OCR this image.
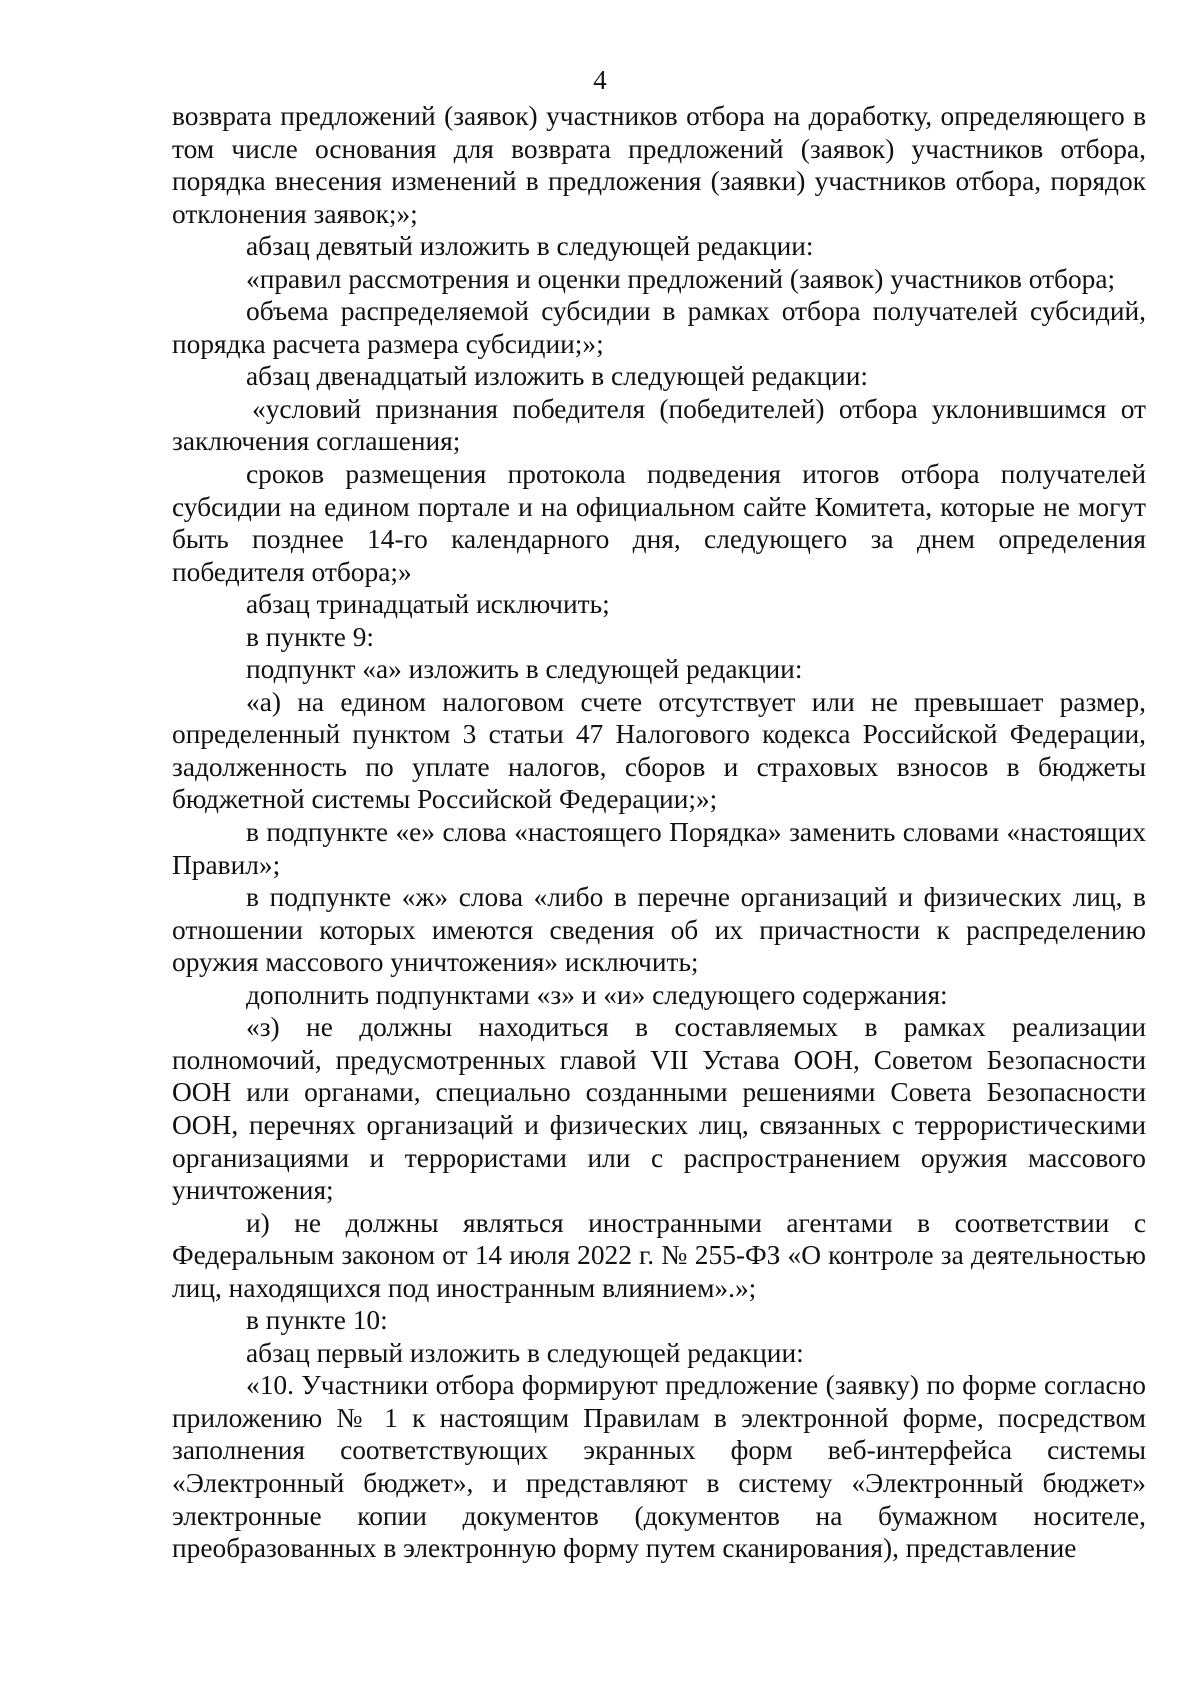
4

возврата предложений (заявок) участников отбора на доработку, определяющего в том числе основания для возврата предложений (заявок) участников отбора, порядка внесения изменений в предложения (заявки) участников отбора, порядок отклонения заявок;»;

абзац девятый изложить в следующей редакции:

«правил рассмотрения и оценки предложений (заявок) участников отбора;

объема распределяемой субсидии в рамках отбора получателей субсидий, порядка расчета размера субсидии;»;

абзац двенадцатый изложить в следующей редакции:

«условий признания победителя (победителей) отбора уклонившимся от заключения соглашения;

сроков размещения протокола подведения итогов отбора получателей субсидии на едином портале и на официальном сайте Комитета, которые не могут быть позднее 14-го календарного дня, следующего за днем определения победителя отбора;»

абзац тринадцатый исключить;

в пункте 9:

подпункт «а» изложить в следующей редакции:

«а) на едином налоговом счете отсутствует или не превышает размер, определенный пунктом 3 статьи 47 Налогового кодекса Российской Федерации, задолженность по уплате налогов, сборов и страховых взносов в бюджеты бюджетной системы Российской Федерации;»;

в подпункте «е» слова «настоящего Порядка» заменить словами «настоящих Правил»;

в подпункте «ж» слова «либо в перечне организаций и физических лиц, в отношении которых имеются сведения об их причастности к распределению оружия массового уничтожения» исключить;

дополнить подпунктами «з» и «и» следующего содержания:

«з) не должны находиться в составляемых в рамках реализации полномочий, предусмотренных главой VII Устава ООН, Советом Безопасности ООН или органами, специально созданными решениями Совета Безопасности ООН, перечнях организаций и физических лиц, связанных с террористическими организациями и террористами или с распространением оружия массового уничтожения;

и) не должны являться иностранными агентами в соответствии с Федеральным законом от 14 июля 2022 г. № 255-ФЗ «О контроле за деятельностью лиц, находящихся под иностранным влиянием».»;

в пункте 10:

абзац первый изложить в следующей редакции:

«10. Участники отбора формируют предложение (заявку) по форме согласно приложению № 1 к настоящим Правилам в электронной форме, посредством заполнения соответствующих экранных форм веб-интерфейса системы «Электронный бюджет», и представляют в систему «Электронный бюджет» электронные копии документов (документов на бумажном носителе, преобразованных в электронную форму путем сканирования), представление
